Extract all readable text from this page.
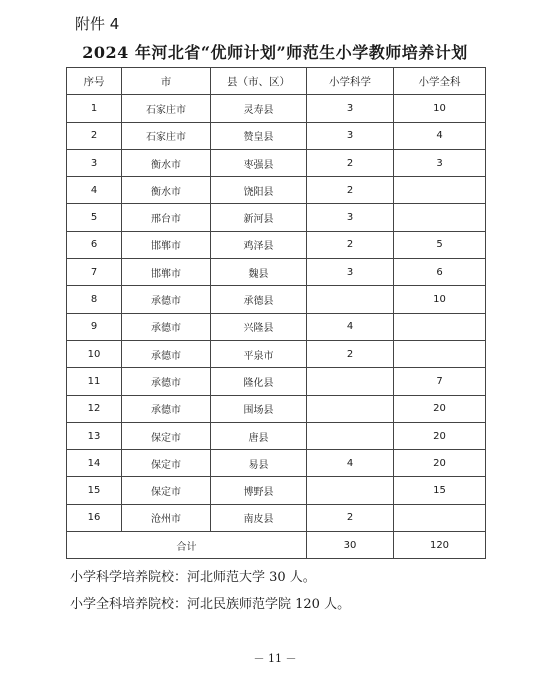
附件 4
2024 年河北省“优师计划”师范生小学教师培养计划
序号	市	县（市、区）	小学科学	小学全科
1	石家庄市	灵寿县	3	10
2	石家庄市	赞皇县	3	4
3	衡水市	枣强县	2	3
4	衡水市	饶阳县	2	
5	邢台市	新河县	3	
6	邯郸市	鸡泽县	2	5
7	邯郸市	魏县	3	6
8	承德市	承德县		10
9	承德市	兴隆县	4	
10	承德市	平泉市	2	
11	承德市	隆化县		7
12	承德市	围场县		20
13	保定市	唐县		20
14	保定市	易县	4	20
15	保定市	博野县		15
16	沧州市	南皮县	2	
合计			30	120
小学科学培养院校：河北师范大学 30 人。
小学全科培养院校：河北民族师范学院 120 人。
－ 11 －
